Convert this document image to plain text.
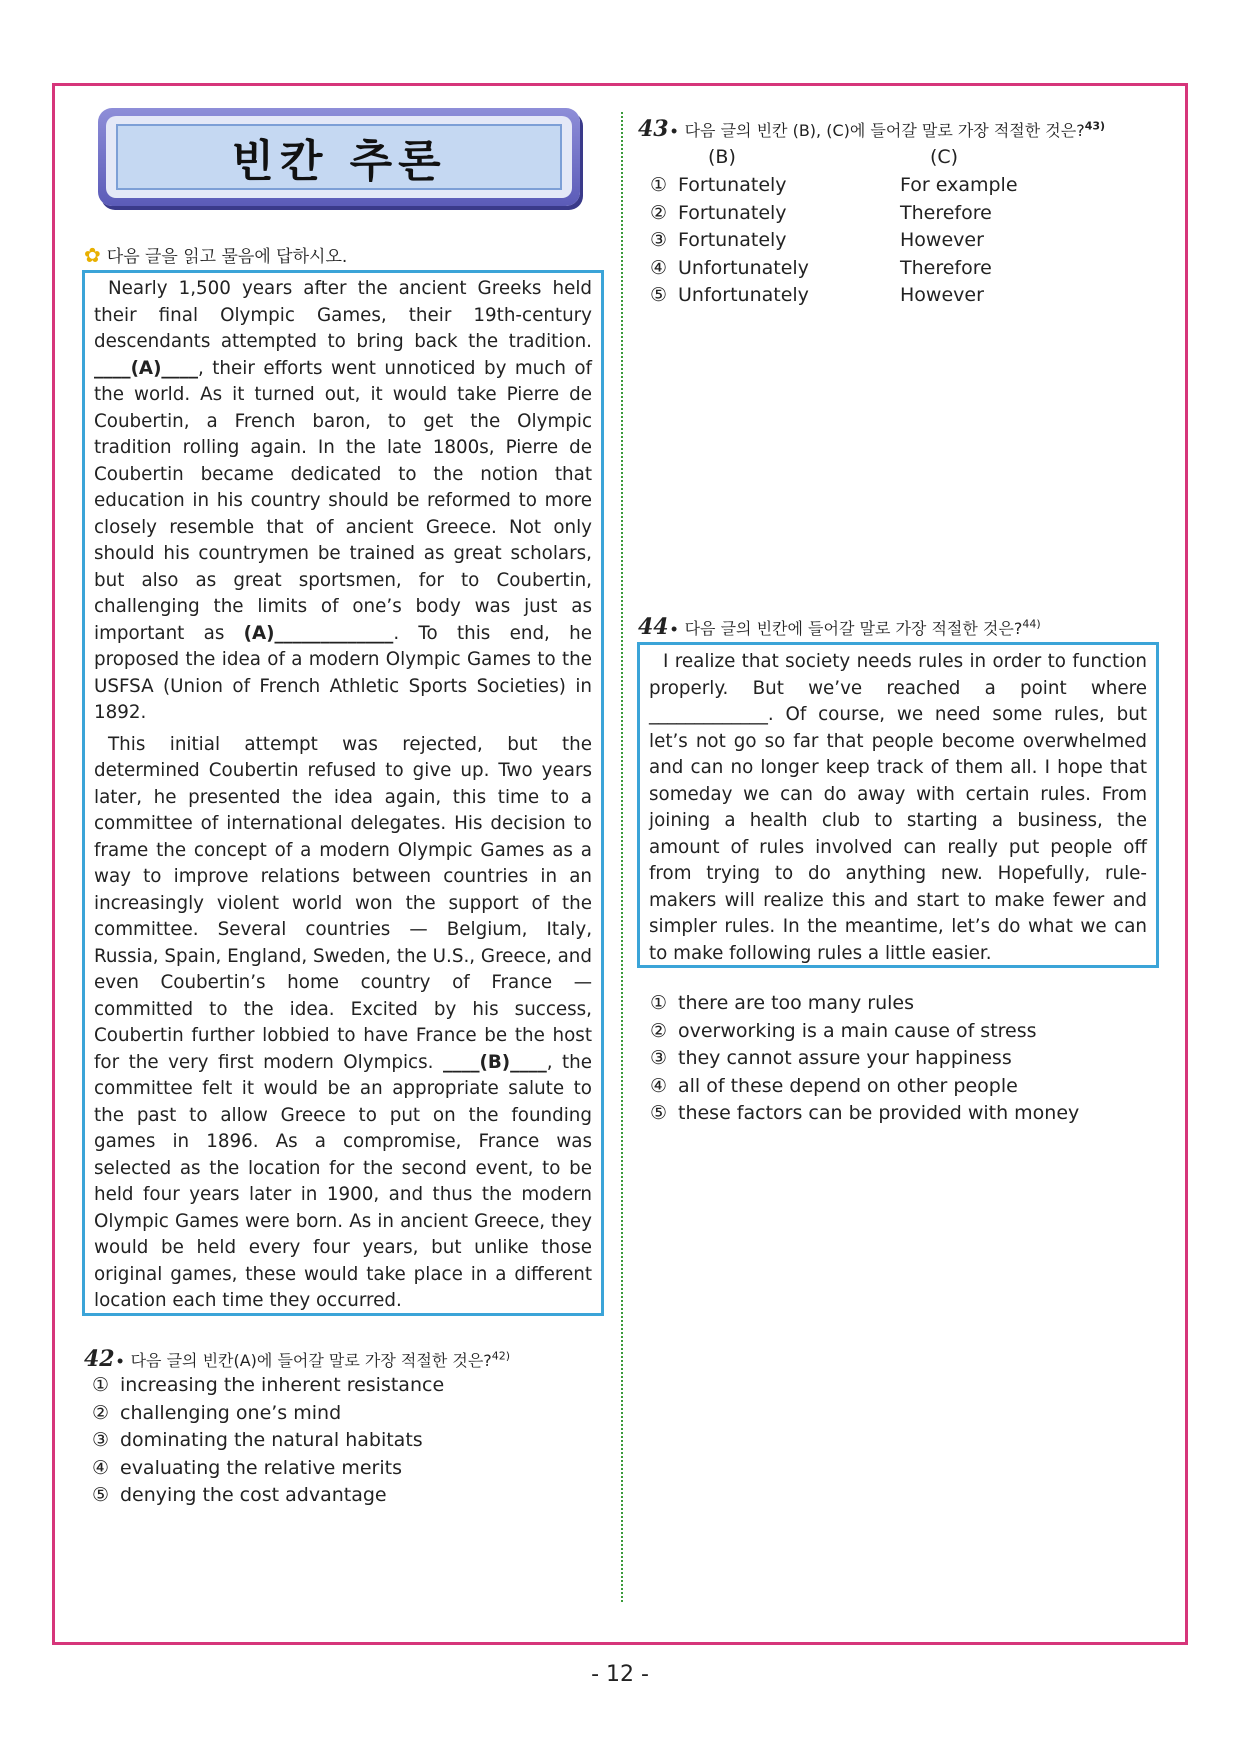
빈칸 추론
✿ 다음 글을 읽고 물음에 답하시오.

Nearly 1,500 years after the ancient Greeks held their final Olympic Games, their 19th-century descendants attempted to bring back the tradition. ____(A)____, their efforts went unnoticed by much of the world. As it turned out, it would take Pierre de Coubertin, a French baron, to get the Olympic tradition rolling again. In the late 1800s, Pierre de Coubertin became dedicated to the notion that education in his country should be reformed to more closely resemble that of ancient Greece. Not only should his countrymen be trained as great scholars, but also as great sportsmen, for to Coubertin, challenging the limits of one’s body was just as important as (A)_____________. To this end, he proposed the idea of a modern Olympic Games to the USFSA (Union of French Athletic Sports Societies) in 1892.

This initial attempt was rejected, but the determined Coubertin refused to give up. Two years later, he presented the idea again, this time to a committee of international delegates. His decision to frame the concept of a modern Olympic Games as a way to improve relations between countries in an increasingly violent world won the support of the committee. Several countries — Belgium, Italy, Russia, Spain, England, Sweden, the U.S., Greece, and even Coubertin’s home country of France — committed to the idea. Excited by his success, Coubertin further lobbied to have France be the host for the very first modern Olympics. ____(B)____, the committee felt it would be an appropriate salute to the past to allow Greece to put on the founding games in 1896. As a compromise, France was selected as the location for the second event, to be held four years later in 1900, and thus the modern Olympic Games were born. As in ancient Greece, they would be held every four years, but unlike those original games, these would take place in a different location each time they occurred.

42 • 다음 글의 빈칸(A)에 들어갈 말로 가장 적절한 것은?$^{42)}$
① increasing the inherent resistance
② challenging one’s mind
③ dominating the natural habitats
④ evaluating the relative merits
⑤ denying the cost advantage
43 • 다음 글의 빈칸 (B), (C)에 들어갈 말로 가장 적절한 것은?$^{43)}$
(B)	(C)
① Fortunately	For example
② Fortunately	Therefore
③ Fortunately	However
④ Unfortunately	Therefore
⑤ Unfortunately	However
44 • 다음 글의 빈칸에 들어갈 말로 가장 적절한 것은?$^{44)}$

I realize that society needs rules in order to function properly. But we’ve reached a point where _____________. Of course, we need some rules, but let’s not go so far that people become overwhelmed and can no longer keep track of them all. I hope that someday we can do away with certain rules. From joining a health club to starting a business, the amount of rules involved can really put people off from trying to do anything new. Hopefully, rule-makers will realize this and start to make fewer and simpler rules. In the meantime, let’s do what we can to make following rules a little easier.

① there are too many rules
② overworking is a main cause of stress
③ they cannot assure your happiness
④ all of these depend on other people
⑤ these factors can be provided with money
- 12 -
